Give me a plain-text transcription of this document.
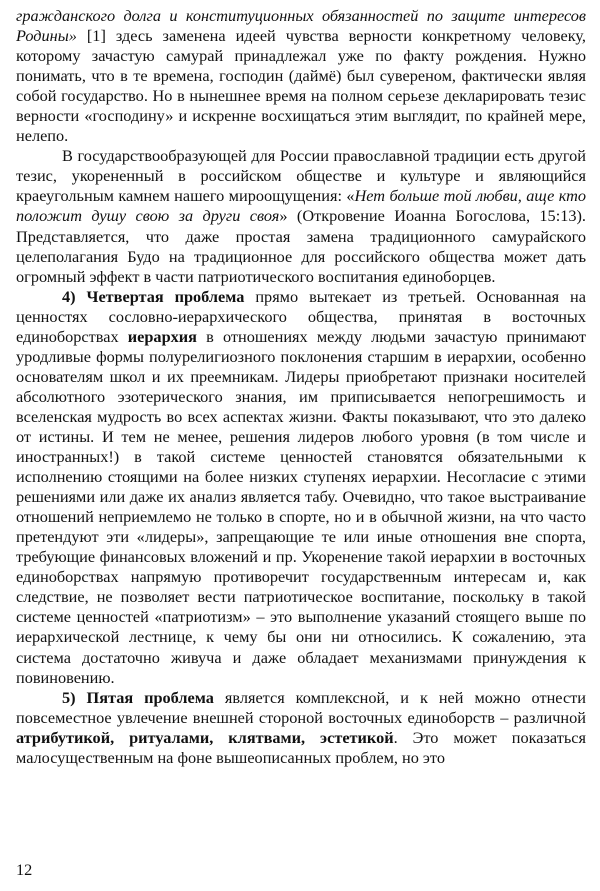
гражданского долга и конституционных обязанностей по защите интересов Родины» [1] здесь заменена идеей чувства верности конкретному человеку, которому зачастую самурай принадлежал уже по факту рождения. Нужно понимать, что в те времена, господин (даймё) был сувереном, фактически являя собой государство. Но в нынешнее время на полном серьезе декларировать тезис верности «господину» и искренне восхищаться этим выглядит, по крайней мере, нелепо.

В государствообразующей для России православной традиции есть другой тезис, укорененный в российском обществе и культуре и являющийся краеугольным камнем нашего мироощущения: «Нет больше той любви, аще кто положит душу свою за други своя» (Откровение Иоанна Богослова, 15:13). Представляется, что даже простая замена традиционного самурайского целеполагания Будо на традиционное для российского общества может дать огромный эффект в части патриотического воспитания единоборцев.

4) Четвертая проблема прямо вытекает из третьей. Основанная на ценностях сословно-иерархического общества, принятая в восточных единоборствах иерархия в отношениях между людьми зачастую принимают уродливые формы полурелигиозного поклонения старшим в иерархии, особенно основателям школ и их преемникам. Лидеры приобретают признаки носителей абсолютного эзотерического знания, им приписывается непогрешимость и вселенская мудрость во всех аспектах жизни. Факты показывают, что это далеко от истины. И тем не менее, решения лидеров любого уровня (в том числе и иностранных!) в такой системе ценностей становятся обязательными к исполнению стоящими на более низких ступенях иерархии. Несогласие с этими решениями или даже их анализ является табу. Очевидно, что такое выстраивание отношений неприемлемо не только в спорте, но и в обычной жизни, на что часто претендуют эти «лидеры», запрещающие те или иные отношения вне спорта, требующие финансовых вложений и пр. Укоренение такой иерархии в восточных единоборствах напрямую противоречит государственным интересам и, как следствие, не позволяет вести патриотическое воспитание, поскольку в такой системе ценностей «патриотизм» – это выполнение указаний стоящего выше по иерархической лестнице, к чему бы они ни относились. К сожалению, эта система достаточно живуча и даже обладает механизмами принуждения к повиновению.

5) Пятая проблема является комплексной, и к ней можно отнести повсеместное увлечение внешней стороной восточных единоборств – различной атрибутикой, ритуалами, клятвами, эстетикой. Это может показаться малосущественным на фоне вышеописанных проблем, но это

12
